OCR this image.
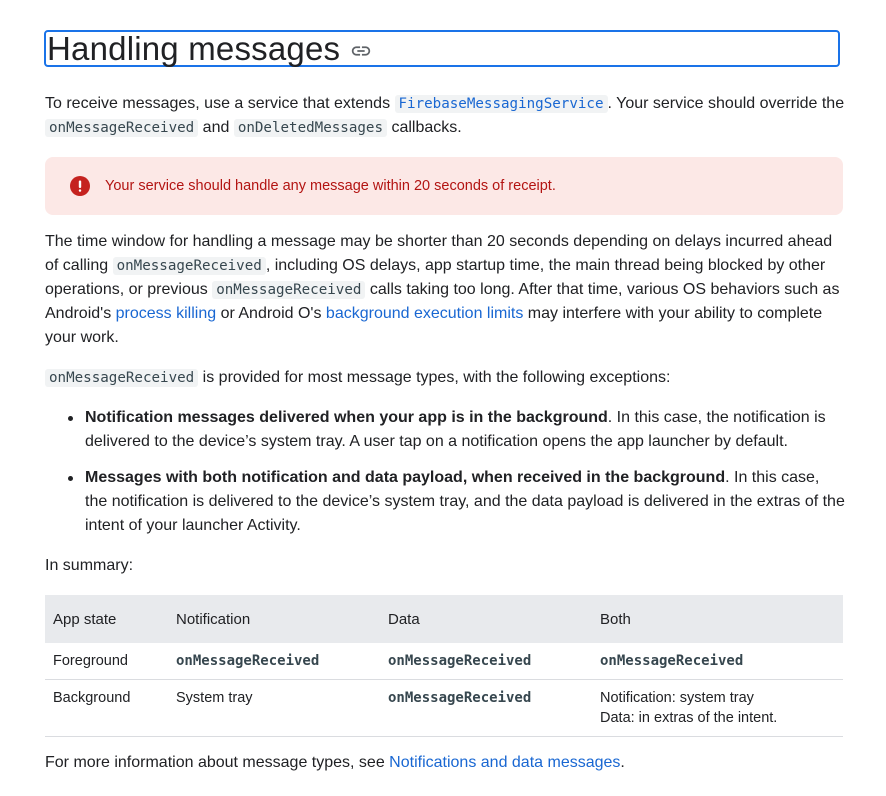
Handling messages
To receive messages, use a service that extends FirebaseMessagingService . Your service should override the onMessageReceived and onDeletedMessages callbacks.
Your service should handle any message within 20 seconds of receipt.
The time window for handling a message may be shorter than 20 seconds depending on delays incurred ahead of calling onMessageReceived , including OS delays, app startup time, the main thread being blocked by other operations, or previous onMessageReceived calls taking too long. After that time, various OS behaviors such as Android's process killing or Android O's background execution limits may interfere with your ability to complete your work.
onMessageReceived is provided for most message types, with the following exceptions:
Notification messages delivered when your app is in the background. In this case, the notification is delivered to the device’s system tray. A user tap on a notification opens the app launcher by default.
Messages with both notification and data payload, when received in the background. In this case, the notification is delivered to the device’s system tray, and the data payload is delivered in the extras of the intent of your launcher Activity.
In summary:
App state	Notification	Data	Both
Foreground	onMessageReceived	onMessageReceived	onMessageReceived
Background	System tray	onMessageReceived	Notification: system tray
Data: in extras of the intent.
For more information about message types, see Notifications and data messages.
